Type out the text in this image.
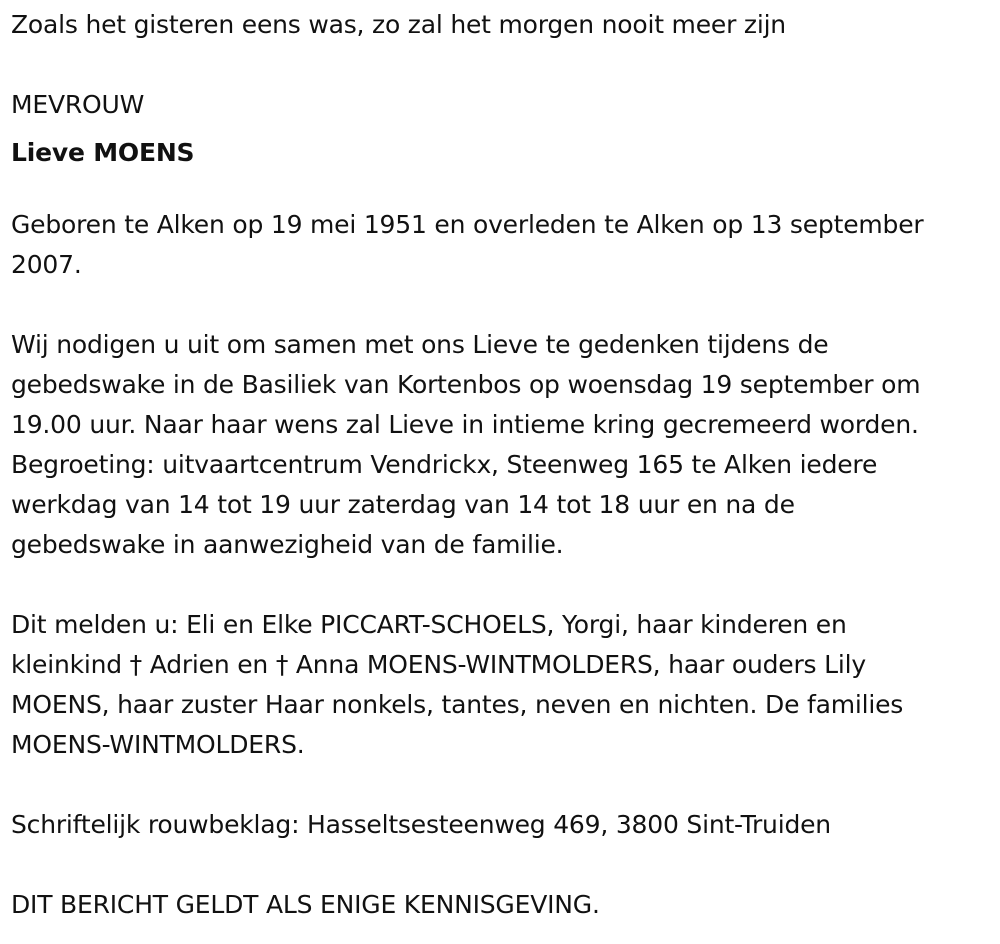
Zoals het gisteren eens was, zo zal het morgen nooit meer zijn
MEVROUW
Lieve MOENS
Geboren te Alken op 19 mei 1951 en overleden te Alken op 13 september
2007.
Wij nodigen u uit om samen met ons Lieve te gedenken tijdens de
gebedswake in de Basiliek van Kortenbos op woensdag 19 september om
19.00 uur. Naar haar wens zal Lieve in intieme kring gecremeerd worden.
Begroeting: uitvaartcentrum Vendrickx, Steenweg 165 te Alken iedere
werkdag van 14 tot 19 uur zaterdag van 14 tot 18 uur en na de
gebedswake in aanwezigheid van de familie.
Dit melden u: Eli en Elke PICCART-SCHOELS, Yorgi, haar kinderen en
kleinkind † Adrien en † Anna MOENS-WINTMOLDERS, haar ouders Lily
MOENS, haar zuster Haar nonkels, tantes, neven en nichten. De families
MOENS-WINTMOLDERS.
Schriftelijk rouwbeklag: Hasseltsesteenweg 469, 3800 Sint-Truiden
DIT BERICHT GELDT ALS ENIGE KENNISGEVING.
